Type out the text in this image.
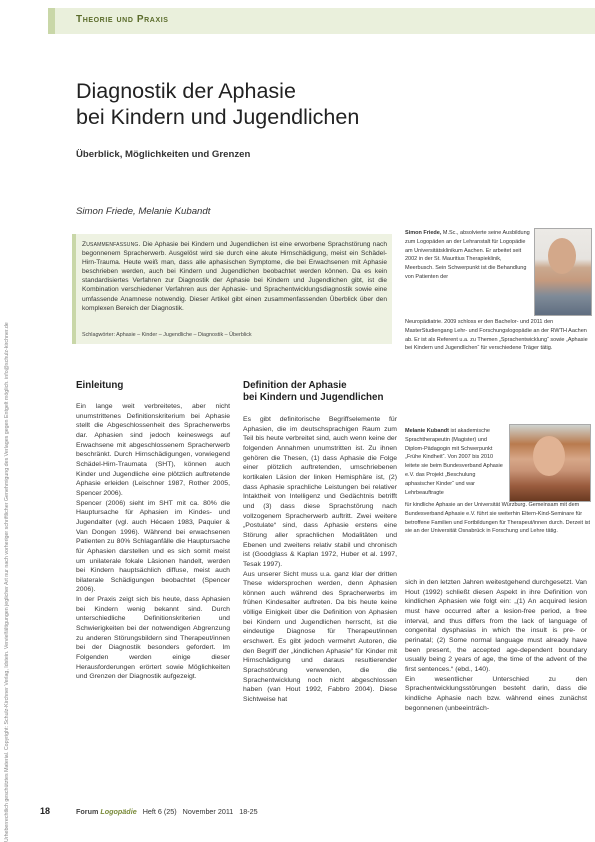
Theorie und Praxis
Diagnostik der Aphasie
bei Kindern und Jugendlichen
Überblick, Möglichkeiten und Grenzen
Simon Friede, Melanie Kubandt
Zusammenfassung. Die Aphasie bei Kindern und Jugendlichen ist eine erworbene Sprachstörung nach begonnenem Spracherwerb. Ausgelöst wird sie durch eine akute Hirnschädigung, meist ein Schädel-Hirn-Trauma. Heute weiß man, dass alle aphasischen Symptome, die bei Erwachsenen mit Aphasie beschrieben werden, auch bei Kindern und Jugendlichen beobachtet werden können. Da es kein standardisiertes Verfahren zur Diagnostik der Aphasie bei Kindern und Jugendlichen gibt, ist die Kombination verschiedener Verfahren aus der Aphasie- und Sprachentwicklungsdiagnostik sowie eine umfassende Anamnese notwendig. Dieser Artikel gibt einen zusammenfassenden Überblick über den komplexen Bereich der Diagnostik.
Schlagwörter: Aphasie – Kinder – Jugendliche – Diagnostik – Überblick
Simon Friede, M.Sc., absolvierte seine Ausbildung zum Logopäden an der Lehranstalt für Logopädie am Universitätsklinikum Aachen. Er arbeitet seit 2002 in der St. Mauritius Therapieklinik, Meerbusch. Sein Schwerpunkt ist die Behandlung von Patienten der
Neuropädiatrie. 2009 schloss er den Bachelor- und 2011 den MasterStudiengang Lehr- und Forschungslogopädie an der RWTH Aachen ab. Er ist als Referent u.a. zu Themen „Sprachentwicklung“ sowie „Aphasie bei Kindern und Jugendlichen“ für verschiedene Träger tätig.
Melanie Kubandt ist akademische Sprachtherapeutin (Magister) und Diplom-Pädagogin mit Schwerpunkt „Frühe Kindheit“. Von 2007 bis 2010 leitete sie beim Bundesverband Aphasie e.V. das Projekt „Beschulung aphasischer Kinder“ und war Lehrbeauftragte
für kindliche Aphasie an der Universität Würzburg. Gemeinsam mit dem Bundesverband Aphasie e.V. führt sie weiterhin Eltern-Kind-Seminare für betroffene Familien und Fortbildungen für Therapeut/innen durch. Derzeit ist sie an der Universität Osnabrück in Forschung und Lehre tätig.
Einleitung

Ein lange weit verbreitetes, aber nicht unumstrittenes Definitionskriterium bei Aphasie stellt die Abgeschlossenheit des Spracherwerbs dar. Aphasien sind jedoch keineswegs auf Erwachsene mit abgeschlossenem Spracherwerb beschränkt. Durch Hirnschädigungen, vorwiegend Schädel-Hirn-Traumata (SHT), können auch Kinder und Jugendliche eine plötzlich auftretende Aphasie erleiden (Leischner 1987, Rother 2005, Spencer 2006).

Spencer (2006) sieht im SHT mit ca. 80% die Hauptursache für Aphasien im Kindes- und Jugendalter (vgl. auch Hécaen 1983, Paquier & Van Dongen 1996). Während bei erwachsenen Patienten zu 80% Schlaganfälle die Hauptursache für Aphasien darstellen und es sich somit meist um unilaterale fokale Läsionen handelt, werden bei Kindern hauptsächlich diffuse, meist auch bilaterale Schädigungen beobachtet (Spencer 2006).

In der Praxis zeigt sich bis heute, dass Aphasien bei Kindern wenig bekannt sind. Durch unterschiedliche Definitionskriterien und Schwierigkeiten bei der notwendigen Abgrenzung zu anderen Störungsbildern sind Therapeut/innen bei der Diagnostik besonders gefordert. Im Folgenden werden einige dieser Herausforderungen erörtert sowie Möglichkeiten und Grenzen der Diagnostik aufgezeigt.

Definition der Aphasie
bei Kindern und Jugendlichen

Es gibt definitorische Begriffselemente für Aphasien, die im deutschsprachigen Raum zum Teil bis heute verbreitet sind, auch wenn keine der folgenden Annahmen unumstritten ist. Zu ihnen gehören die Thesen, (1) dass Aphasie die Folge einer plötzlich auftretenden, umschriebenen kortikalen Läsion der linken Hemisphäre ist, (2) dass Aphasie sprachliche Leistungen bei relativer Intaktheit von Intelligenz und Gedächtnis betrifft und (3) dass diese Sprachstörung nach vollzogenem Spracherwerb auftritt. Zwei weitere „Postulate“ sind, dass Aphasie erstens eine Störung aller sprachlichen Modalitäten und Ebenen und zweitens relativ stabil und chronisch ist (Goodglass & Kaplan 1972, Huber et al. 1997, Tesak 1997).

Aus unserer Sicht muss u.a. ganz klar der dritten These widersprochen werden, denn Aphasien können auch während des Spracherwerbs im frühen Kindesalter auftreten. Da bis heute keine völlige Einigkeit über die Definition von Aphasien bei Kindern und Jugendlichen herrscht, ist die eindeutige Diagnose für Therapeut/innen erschwert. Es gibt jedoch vermehrt Autoren, die den Begriff der „kindlichen Aphasie“ für Kinder mit Hirnschädigung und daraus resultierender Sprachstörung verwenden, die die Sprachentwicklung noch nicht abgeschlossen haben (van Hout 1992, Fabbro 2004). Diese Sichtweise hat

sich in den letzten Jahren weitestgehend durchgesetzt. Van Hout (1992) schließt diesen Aspekt in ihre Definition von kindlichen Aphasien wie folgt ein: „(1) An acquired lesion must have occurred after a lesion-free period, a free interval, and thus differs from the lack of language of congenital dysphasias in which the insult is pre- or perinatal; (2) Some normal language must already have been present, the accepted age-dependent boundary usually being 2 years of age, the time of the advent of the first sentences.“ (ebd., 140).

Ein wesentlicher Unterschied zu den Sprachentwicklungsstörungen besteht darin, dass die kindliche Aphasie nach bzw. während eines zunächst begonnenen (unbeeinträch-

Urheberrechtlich geschütztes Material. Copyright: Schulz-Kirchner Verlag, Idstein. Vervielfältigungen jeglicher Art nur nach vorheriger schriftlicher Genehmigung des Verlages gegen Entgelt möglich. info@schulz-kirchner.de	18	Forum Logopädie Heft 6 (25) November 2011 18-25
